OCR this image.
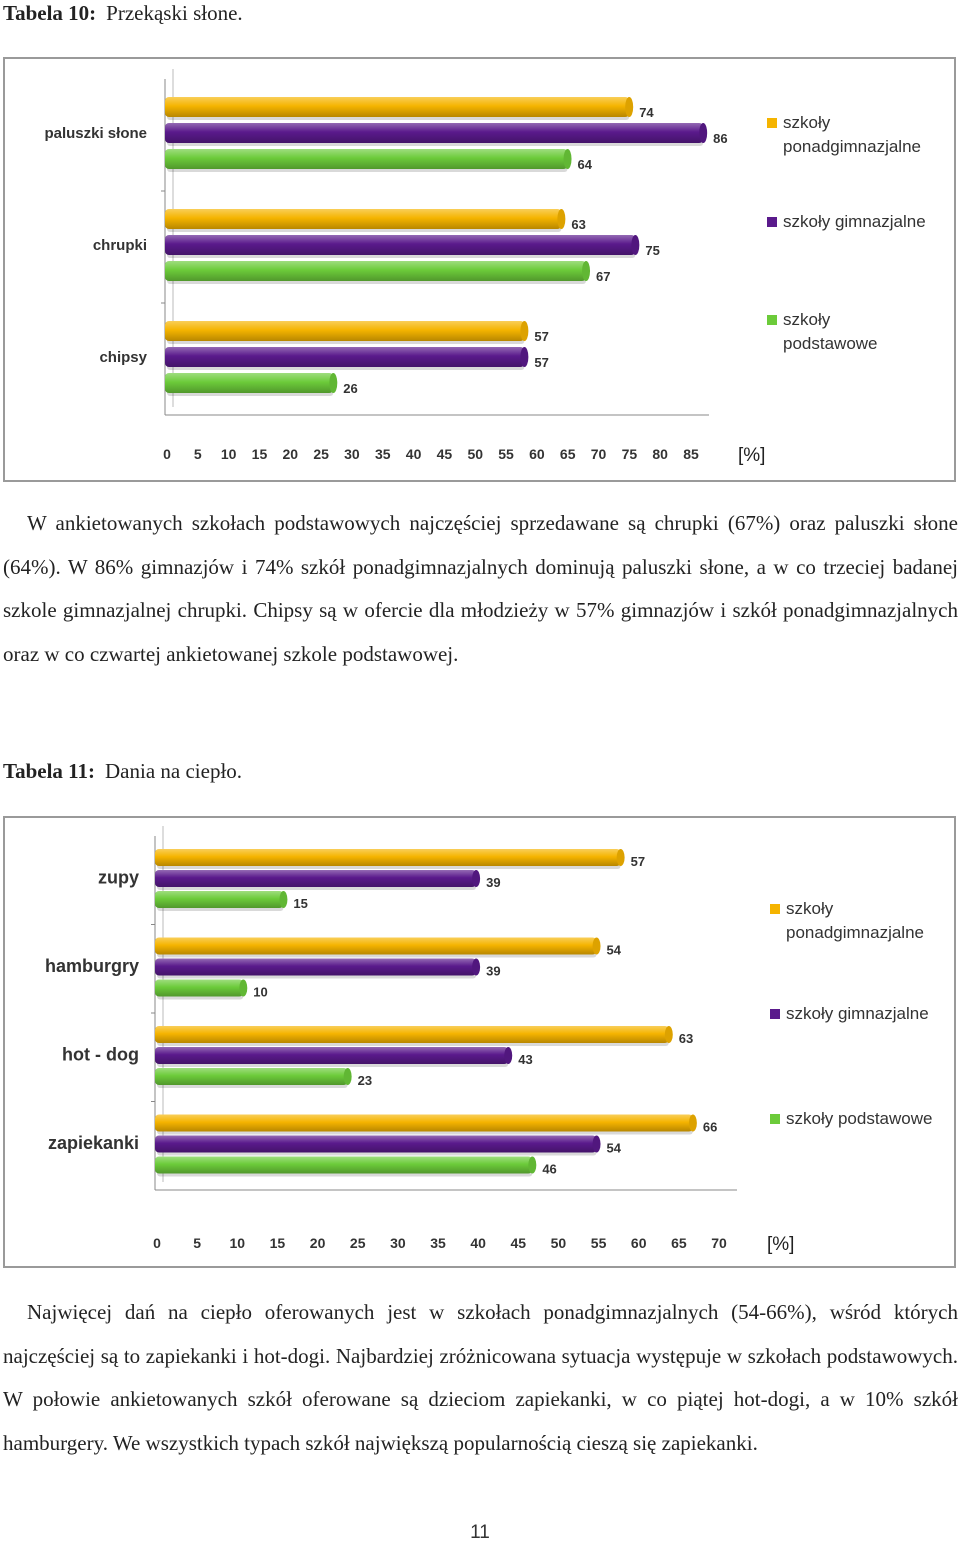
Tabela 10: Przekąski słone.
74
86
64
paluszki słone
63
75
67
chrupki
57
57
26
chipsy
0 5 10 15 20 25 30 35 40 45 50 55 60 65 70 75 80 85 [%]
szkoły
ponadgimnazjalne
szkoły gimnazjalne
szkoły
podstawowe
W ankietowanych szkołach podstawowych najczęściej sprzedawane są chrupki (67%) oraz paluszki słone (64%). W 86% gimnazjów i 74% szkół ponadgimnazjalnych dominują paluszki słone, a w co trzeciej badanej szkole gimnazjalnej chrupki. Chipsy są w ofercie dla młodzieży w 57% gimnazjów i szkół ponadgimnazjalnych oraz w co czwartej ankietowanej szkole podstawowej.
Tabela 11: Dania na ciepło.
57
39
15
zupy
54
39
10
hamburgry
63
43
23
hot - dog
66
54
46
zapiekanki
0 5 10 15 20 25 30 35 40 45 50 55 60 65 70 [%]
szkoły
ponadgimnazjalne
szkoły gimnazjalne
szkoły podstawowe
Najwięcej dań na ciepło oferowanych jest w szkołach ponadgimnazjalnych (54-66%), wśród których najczęściej są to zapiekanki i hot-dogi. Najbardziej zróżnicowana sytuacja występuje w szkołach podstawowych. W połowie ankietowanych szkół oferowane są dzieciom zapiekanki, w co piątej hot-dogi, a w 10% szkół hamburgery. We wszystkich typach szkół największą popularnością cieszą się zapiekanki.
11
